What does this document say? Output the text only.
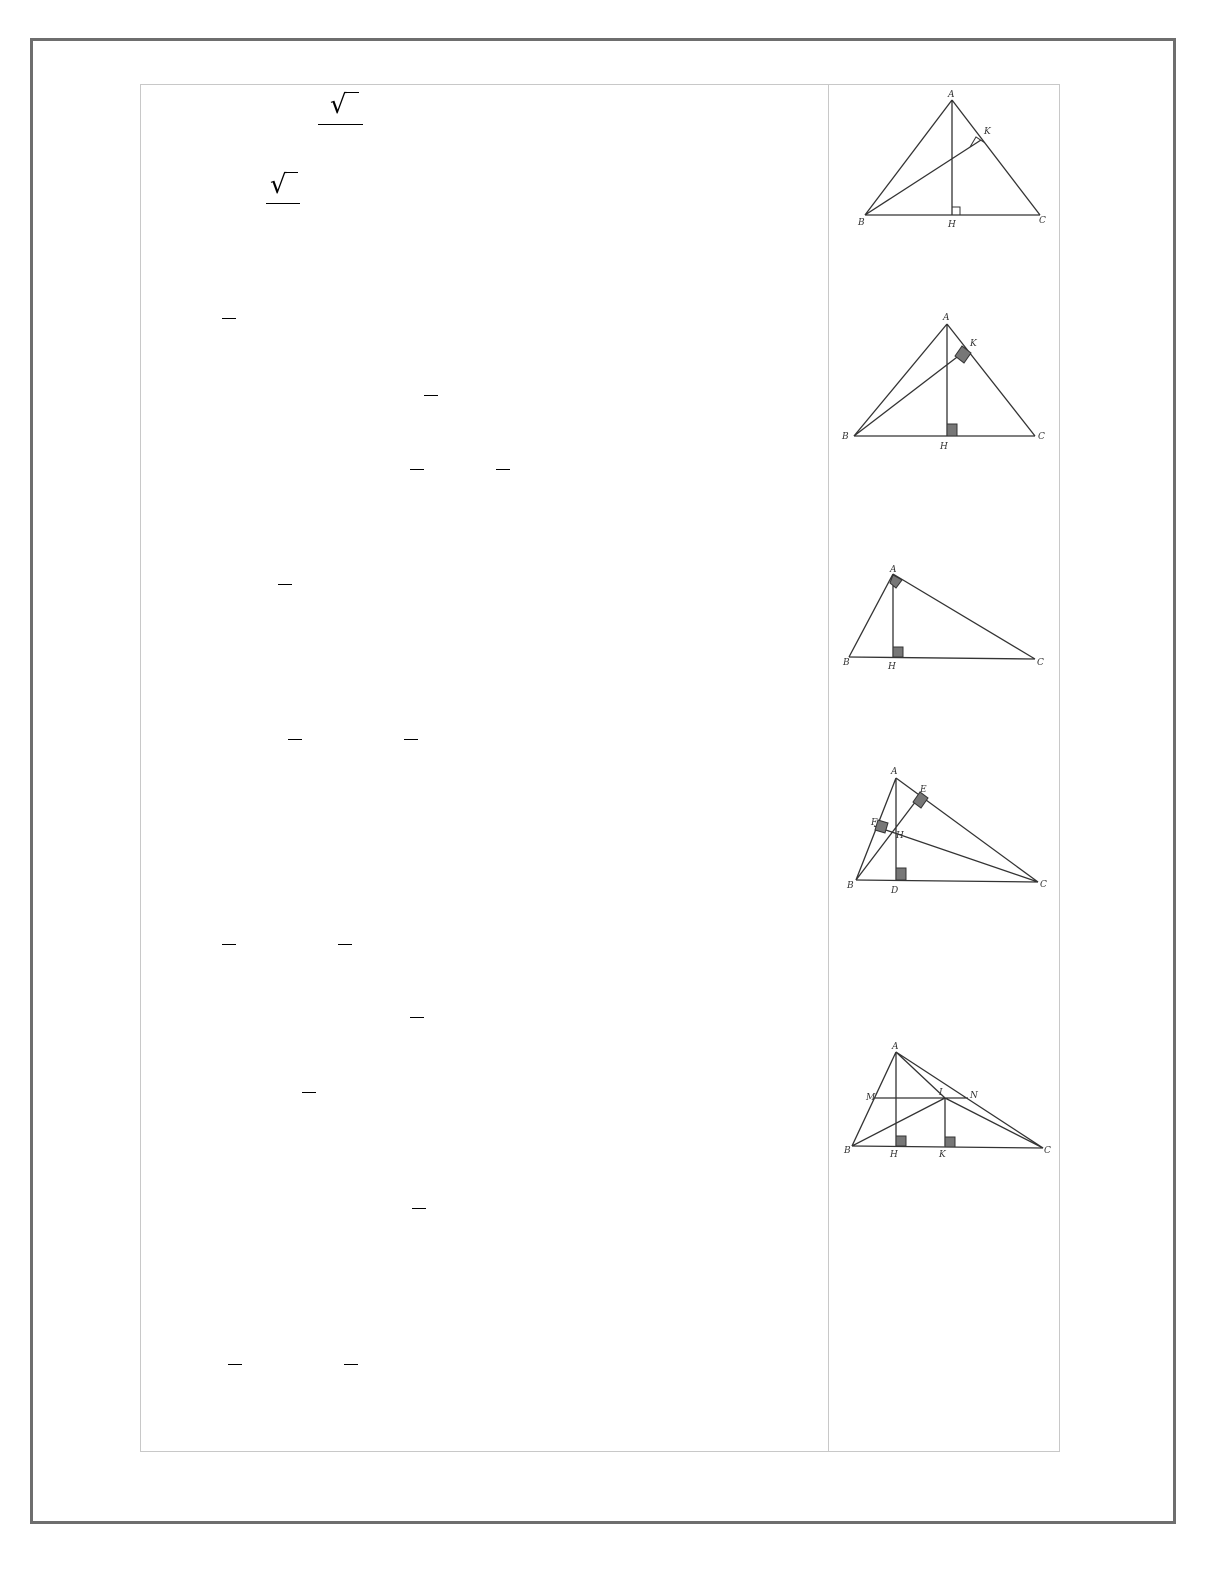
√
√
A
K
B	H	C
A
K
B
H
C
A
B	H	C
A
E
F
H
B	D
C
A
M	N
I
B	H	K	C
